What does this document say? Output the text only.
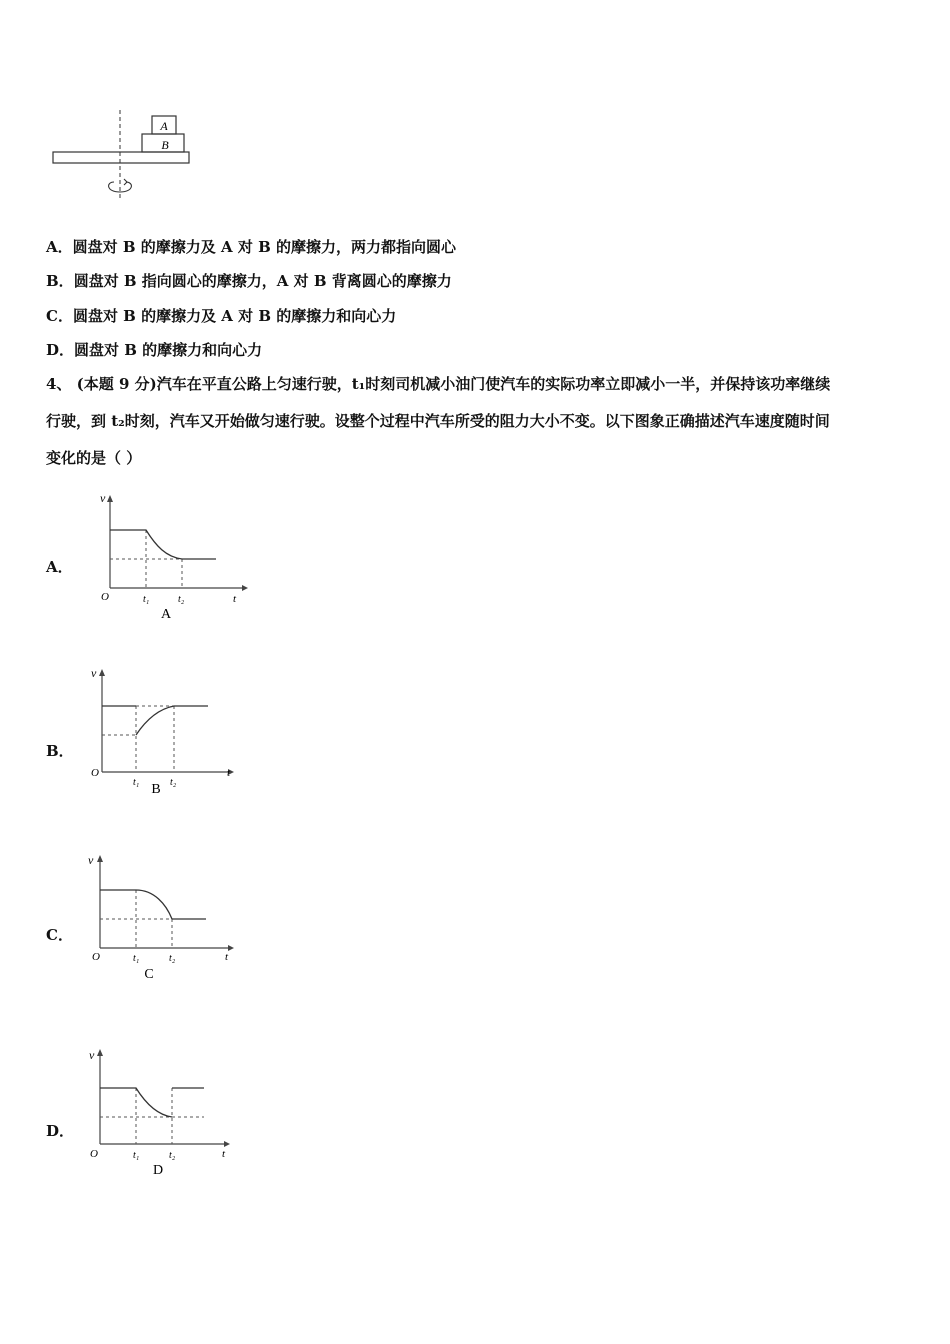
A
B
A．圆盘对 B 的摩擦力及 A 对 B 的摩擦力，两力都指向圆心
B．圆盘对 B 指向圆心的摩擦力，A 对 B 背离圆心的摩擦力
C．圆盘对 B 的摩擦力及 A 对 B 的摩擦力和向心力
D．圆盘对 B 的摩擦力和向心力
4、 (本题 9 分)汽车在平直公路上匀速行驶，t₁时刻司机减小油门使汽车的实际功率立即减小一半，并保持该功率继续
行驶，到 t₂时刻，汽车又开始做匀速行驶。设整个过程中汽车所受的阻力大小不变。以下图象正确描述汽车速度随时间
变化的是（ ）
A．
v
t
O	t₁	t₂
A
B．
v
t
O
t₁	t₂
B
C．
v
t
O	t₁	t₂
C
D．
v
t
O	t₁	t₂
D
